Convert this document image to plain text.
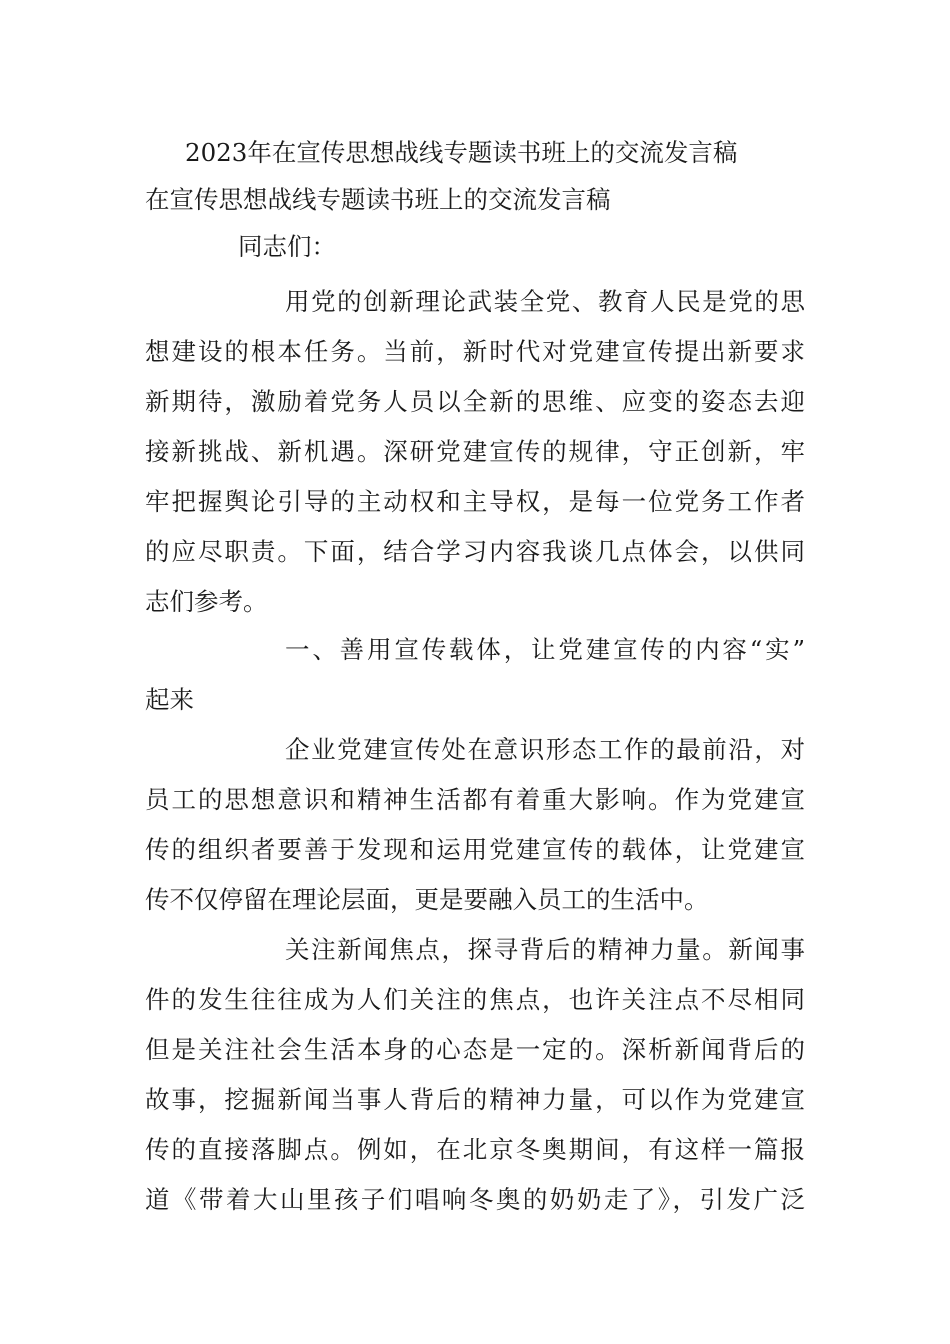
2023年在宣传思想战线专题读书班上的交流发言稿
在宣传思想战线专题读书班上的交流发言稿
同志们：
用党的创新理论武装全党、教育人民是党的思
想建设的根本任务。当前，新时代对党建宣传提出新要求
新期待，激励着党务人员以全新的思维、应变的姿态去迎
接新挑战、新机遇。深研党建宣传的规律，守正创新，牢
牢把握舆论引导的主动权和主导权，是每一位党务工作者
的应尽职责。下面，结合学习内容我谈几点体会，以供同
志们参考。
一、善用宣传载体，让党建宣传的内容“实”
起来
企业党建宣传处在意识形态工作的最前沿，对
员工的思想意识和精神生活都有着重大影响。作为党建宣
传的组织者要善于发现和运用党建宣传的载体，让党建宣
传不仅停留在理论层面，更是要融入员工的生活中。
关注新闻焦点，探寻背后的精神力量。新闻事
件的发生往往成为人们关注的焦点，也许关注点不尽相同
但是关注社会生活本身的心态是一定的。深析新闻背后的
故事，挖掘新闻当事人背后的精神力量，可以作为党建宣
传的直接落脚点。例如，在北京冬奥期间，有这样一篇报
道《带着大山里孩子们唱响冬奥的奶奶走了》，引发广泛
